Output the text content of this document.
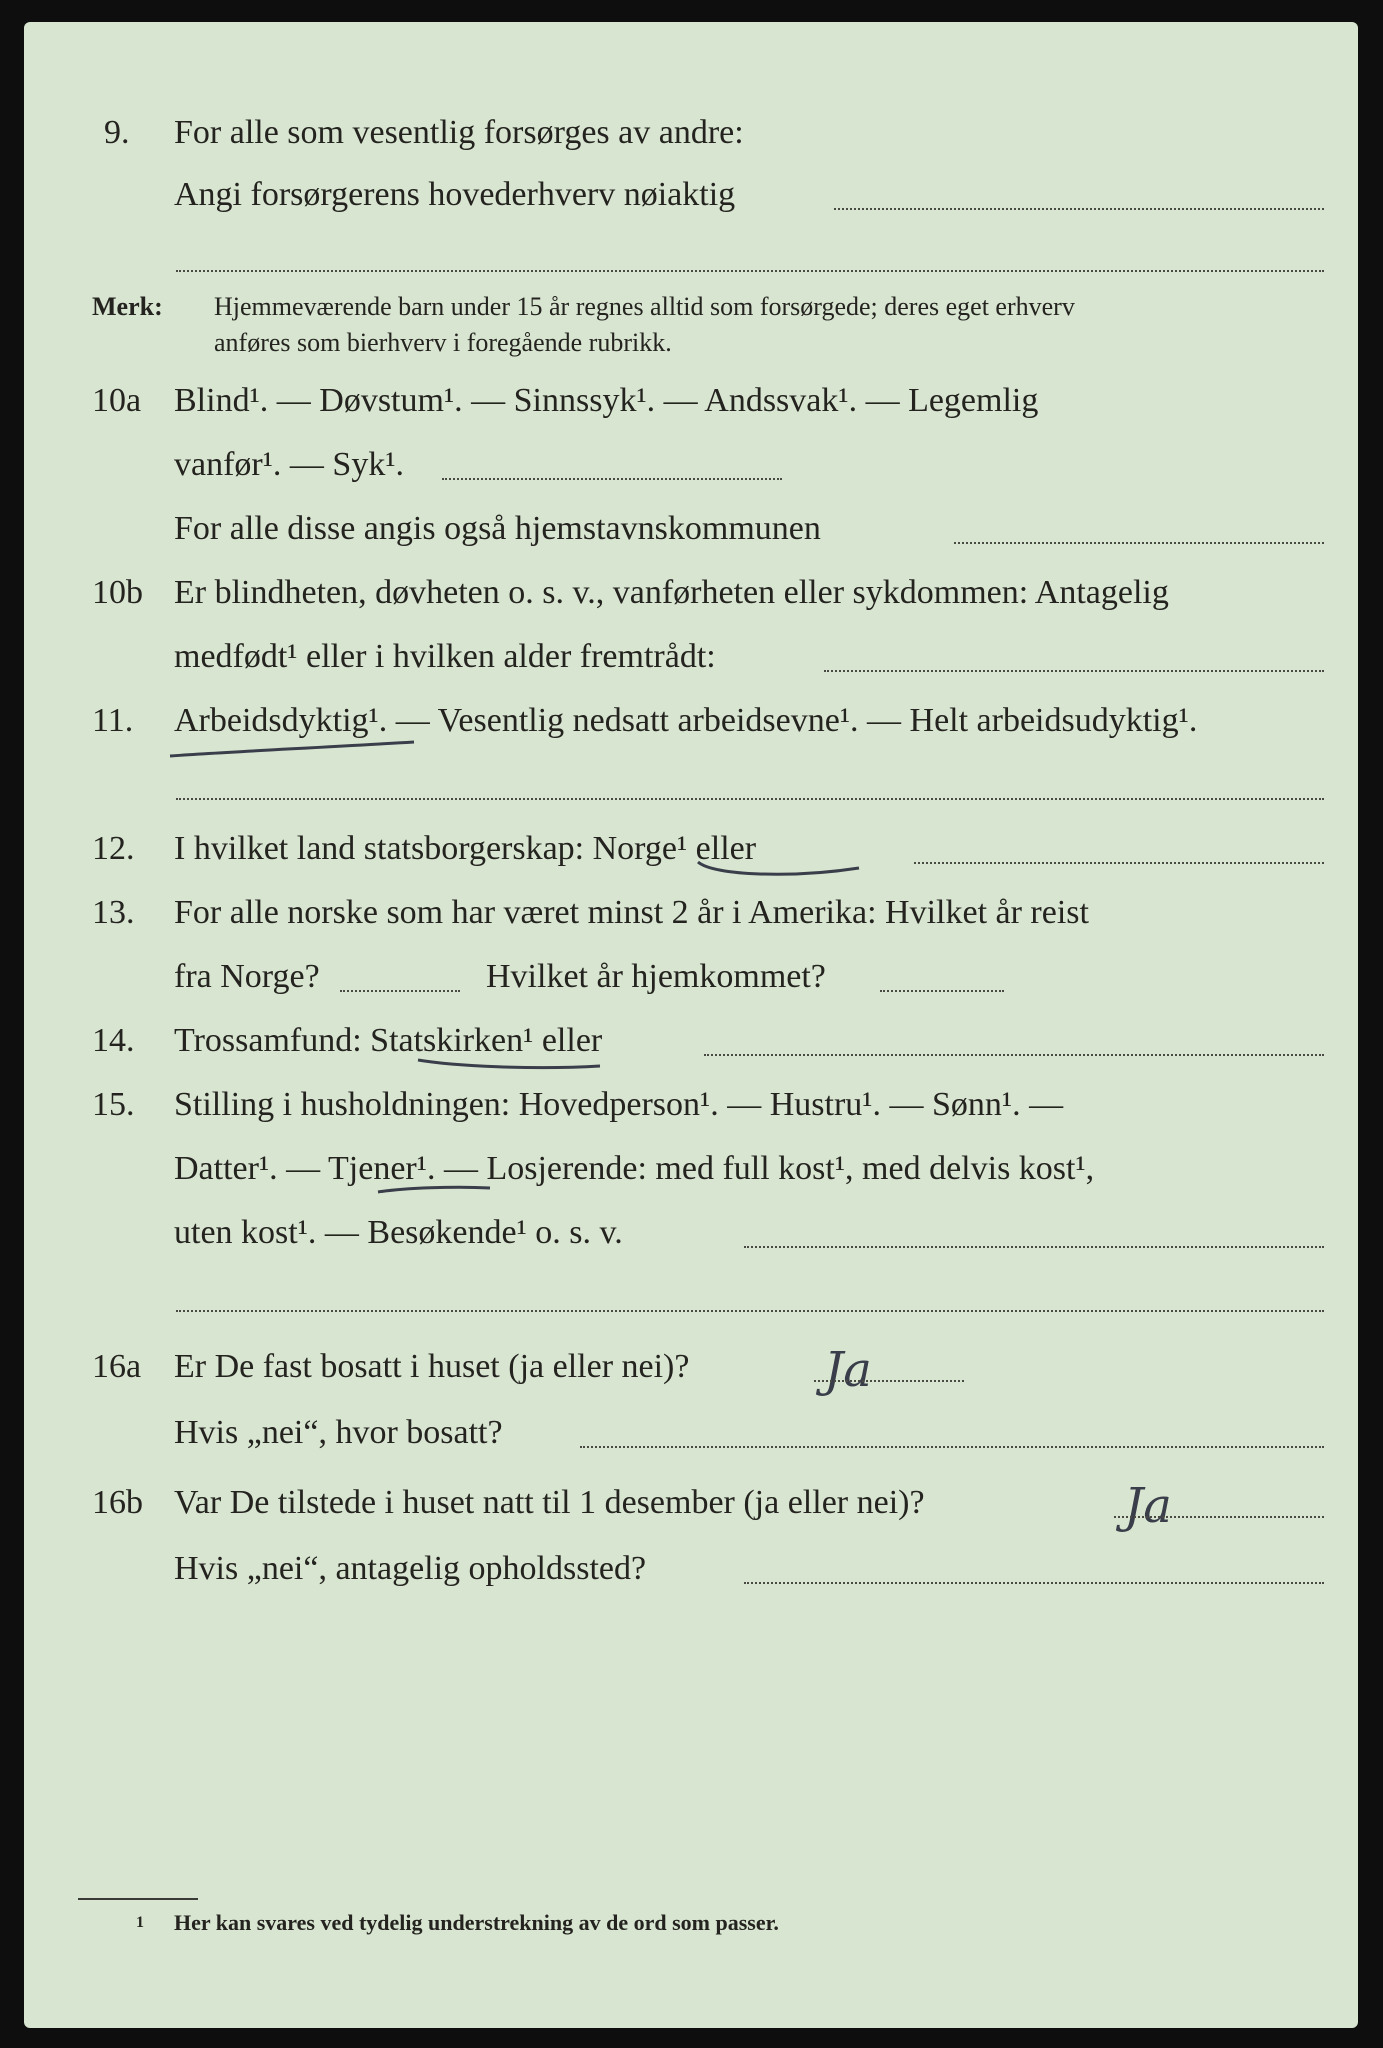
9. For alle som vesentlig forsørges av andre:
Angi forsørgerens hovederhverv nøiaktig
Merk: Hjemmeværende barn under 15 år regnes alltid som forsørgede; deres eget erhverv
anføres som bierhverv i foregående rubrikk.
10a Blind¹. — Døvstum¹. — Sinnssyk¹. — Andssvak¹. — Legemlig
vanfør¹. — Syk¹.
For alle disse angis også hjemstavnskommunen
10b Er blindheten, døvheten o. s. v., vanførheten eller sykdommen: Antagelig
medfødt¹ eller i hvilken alder fremtrådt:
11. Arbeidsdyktig¹. — Vesentlig nedsatt arbeidsevne¹. — Helt arbeidsudyktig¹.
12. I hvilket land statsborgerskap: Norge¹ eller
13. For alle norske som har været minst 2 år i Amerika: Hvilket år reist
fra Norge?	Hvilket år hjemkommet?
14. Trossamfund: Statskirken¹ eller
15. Stilling i husholdningen: Hovedperson¹. — Hustru¹. — Sønn¹. —
Datter¹. — Tjener¹. — Losjerende: med full kost¹, med delvis kost¹,
uten kost¹. — Besøkende¹ o. s. v.
16a Er De fast bosatt i huset (ja eller nei)?	Ja
Hvis „nei“, hvor bosatt?
16b Var De tilstede i huset natt til 1 desember (ja eller nei)?	Ja
Hvis „nei“, antagelig opholdssted?
1 Her kan svares ved tydelig understrekning av de ord som passer.
